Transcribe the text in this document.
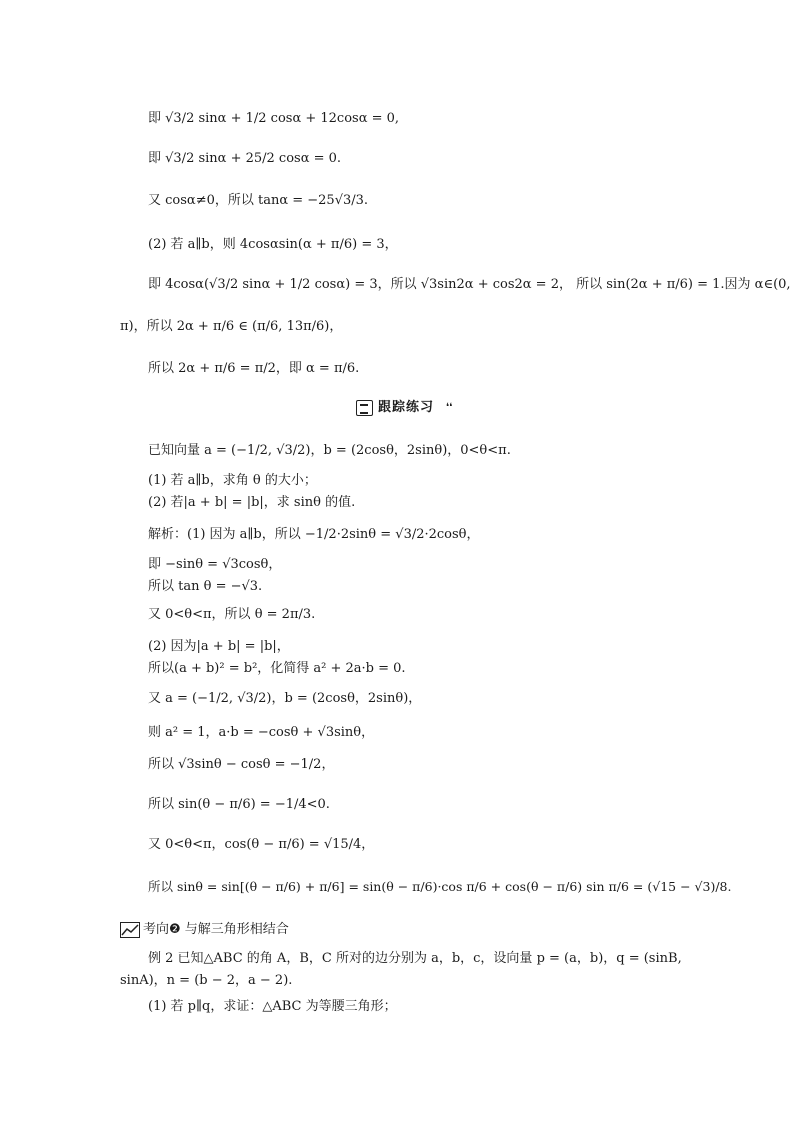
即 √3/2 sinα + 1/2 cosα + 12cosα = 0,
即 √3/2 sinα + 25/2 cosα = 0.
又 cosα≠0，所以 tanα = −25√3/3.
(2) 若 a∥b，则 4cosαsin(α + π/6) = 3，
即 4cosα(√3/2 sinα + 1/2 cosα) = 3，所以 √3sin2α + cos2α = 2， 所以 sin(2α + π/6) = 1.因为 α∈(0,
π)，所以 2α + π/6 ∈ (π/6, 13π/6)，
所以 2α + π/6 = π/2，即 α = π/6.
跟踪练习 ❛❛
已知向量 a = (−1/2, √3/2)，b = (2cosθ，2sinθ)，0<θ<π.
(1) 若 a∥b，求角 θ 的大小；
(2) 若|a + b| = |b|，求 sinθ 的值.
解析：(1) 因为 a∥b，所以 −1/2·2sinθ = √3/2·2cosθ，
即 −sinθ = √3cosθ，
所以 tan θ = −√3.
又 0<θ<π，所以 θ = 2π/3.
(2) 因为|a + b| = |b|，
所以(a + b)² = b²，化简得 a² + 2a·b = 0.
又 a = (−1/2, √3/2)，b = (2cosθ，2sinθ)，
则 a² = 1，a·b = −cosθ + √3sinθ，
所以 √3sinθ − cosθ = −1/2，
所以 sin(θ − π/6) = −1/4<0.
又 0<θ<π，cos(θ − π/6) = √15/4，
所以 sinθ = sin[(θ − π/6) + π/6] = sin(θ − π/6)·cos π/6 + cos(θ − π/6) sin π/6 = (√15 − √3)/8.
考向❷ 与解三角形相结合
例 2 已知△ABC 的角 A，B，C 所对的边分别为 a，b，c，设向量 p = (a，b)，q = (sinB,
sinA)，n = (b − 2，a − 2).
(1) 若 p∥q，求证：△ABC 为等腰三角形；
